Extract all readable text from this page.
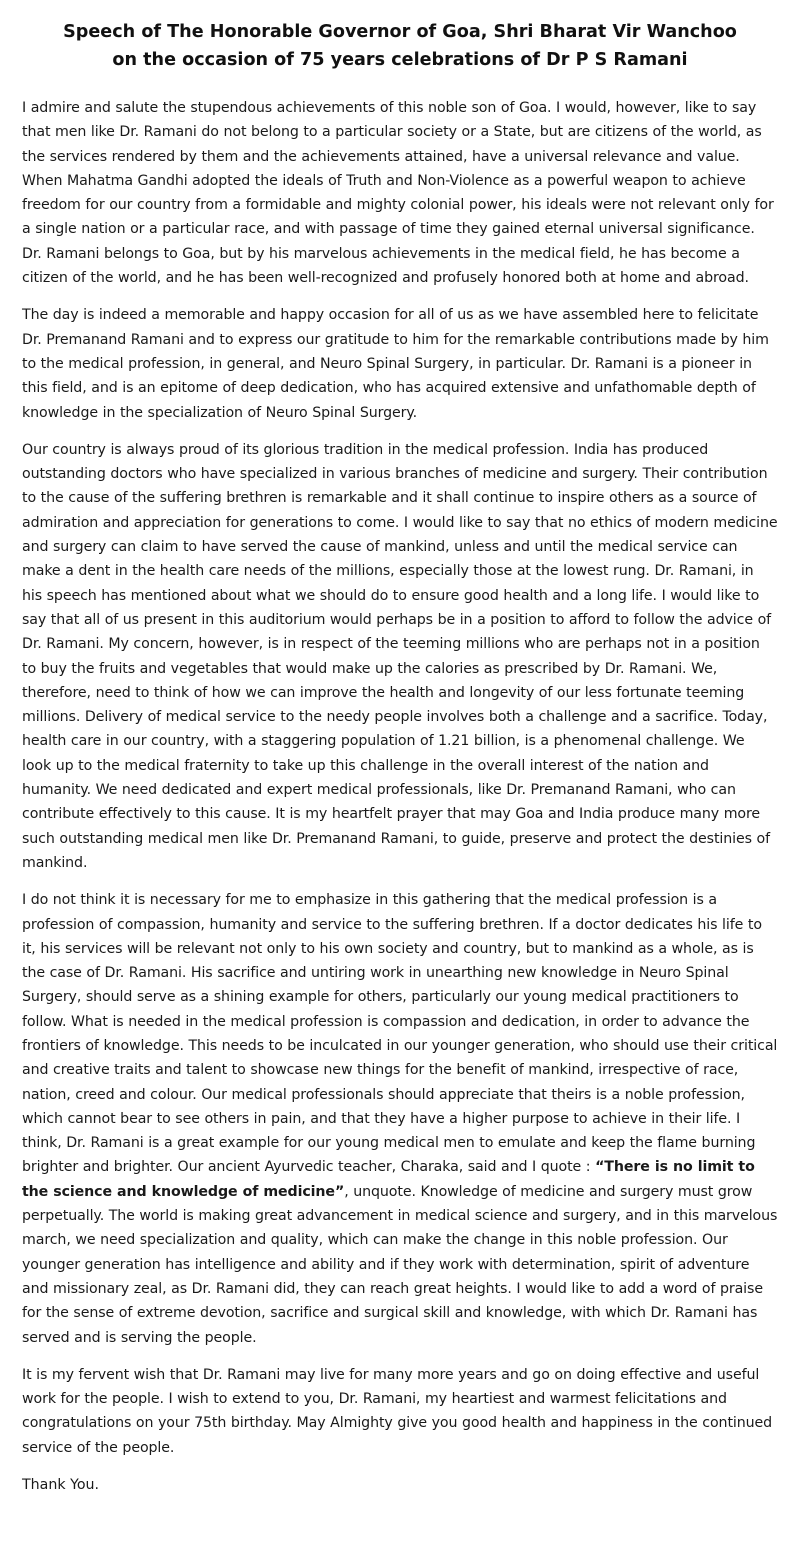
Speech of The Honorable Governor of Goa, Shri Bharat Vir Wanchoo
on the occasion of 75 years celebrations of Dr P S Ramani

I admire and salute the stupendous achievements of this noble son of Goa. I would, however, like to say that men like Dr. Ramani do not belong to a particular society or a State, but are citizens of the world, as the services rendered by them and the achievements attained, have a universal relevance and value. When Mahatma Gandhi adopted the ideals of Truth and Non-Violence as a powerful weapon to achieve freedom for our country from a formidable and mighty colonial power, his ideals were not relevant only for a single nation or a particular race, and with passage of time they gained eternal universal significance. Dr. Ramani belongs to Goa, but by his marvelous achievements in the medical field, he has become a citizen of the world, and he has been well-recognized and profusely honored both at home and abroad.

The day is indeed a memorable and happy occasion for all of us as we have assembled here to felicitate Dr. Premanand Ramani and to express our gratitude to him for the remarkable contributions made by him to the medical profession, in general, and Neuro Spinal Surgery, in particular. Dr. Ramani is a pioneer in this field, and is an epitome of deep dedication, who has acquired extensive and unfathomable depth of knowledge in the specialization of Neuro Spinal Surgery.

Our country is always proud of its glorious tradition in the medical profession. India has produced outstanding doctors who have specialized in various branches of medicine and surgery. Their contribution to the cause of the suffering brethren is remarkable and it shall continue to inspire others as a source of admiration and appreciation for generations to come. I would like to say that no ethics of modern medicine and surgery can claim to have served the cause of mankind, unless and until the medical service can make a dent in the health care needs of the millions, especially those at the lowest rung. Dr. Ramani, in his speech has mentioned about what we should do to ensure good health and a long life. I would like to say that all of us present in this auditorium would perhaps be in a position to afford to follow the advice of Dr. Ramani. My concern, however, is in respect of the teeming millions who are perhaps not in a position to buy the fruits and vegetables that would make up the calories as prescribed by Dr. Ramani. We, therefore, need to think of how we can improve the health and longevity of our less fortunate teeming millions. Delivery of medical service to the needy people involves both a challenge and a sacrifice. Today, health care in our country, with a staggering population of 1.21 billion, is a phenomenal challenge. We look up to the medical fraternity to take up this challenge in the overall interest of the nation and humanity. We need dedicated and expert medical professionals, like Dr. Premanand Ramani, who can contribute effectively to this cause. It is my heartfelt prayer that may Goa and India produce many more such outstanding medical men like Dr. Premanand Ramani, to guide, preserve and protect the destinies of mankind.

I do not think it is necessary for me to emphasize in this gathering that the medical profession is a profession of compassion, humanity and service to the suffering brethren. If a doctor dedicates his life to it, his services will be relevant not only to his own society and country, but to mankind as a whole, as is the case of Dr. Ramani. His sacrifice and untiring work in unearthing new knowledge in Neuro Spinal Surgery, should serve as a shining example for others, particularly our young medical practitioners to follow. What is needed in the medical profession is compassion and dedication, in order to advance the frontiers of knowledge. This needs to be inculcated in our younger generation, who should use their critical and creative traits and talent to showcase new things for the benefit of mankind, irrespective of race, nation, creed and colour. Our medical professionals should appreciate that theirs is a noble profession, which cannot bear to see others in pain, and that they have a higher purpose to achieve in their life. I think, Dr. Ramani is a great example for our young medical men to emulate and keep the flame burning brighter and brighter. Our ancient Ayurvedic teacher, Charaka, said and I quote : “There is no limit to the science and knowledge of medicine”, unquote. Knowledge of medicine and surgery must grow perpetually. The world is making great advancement in medical science and surgery, and in this marvelous march, we need specialization and quality, which can make the change in this noble profession. Our younger generation has intelligence and ability and if they work with determination, spirit of adventure and missionary zeal, as Dr. Ramani did, they can reach great heights. I would like to add a word of praise for the sense of extreme devotion, sacrifice and surgical skill and knowledge, with which Dr. Ramani has served and is serving the people.

It is my fervent wish that Dr. Ramani may live for many more years and go on doing effective and useful work for the people. I wish to extend to you, Dr. Ramani, my heartiest and warmest felicitations and congratulations on your 75th birthday. May Almighty give you good health and happiness in the continued service of the people.

Thank You.
